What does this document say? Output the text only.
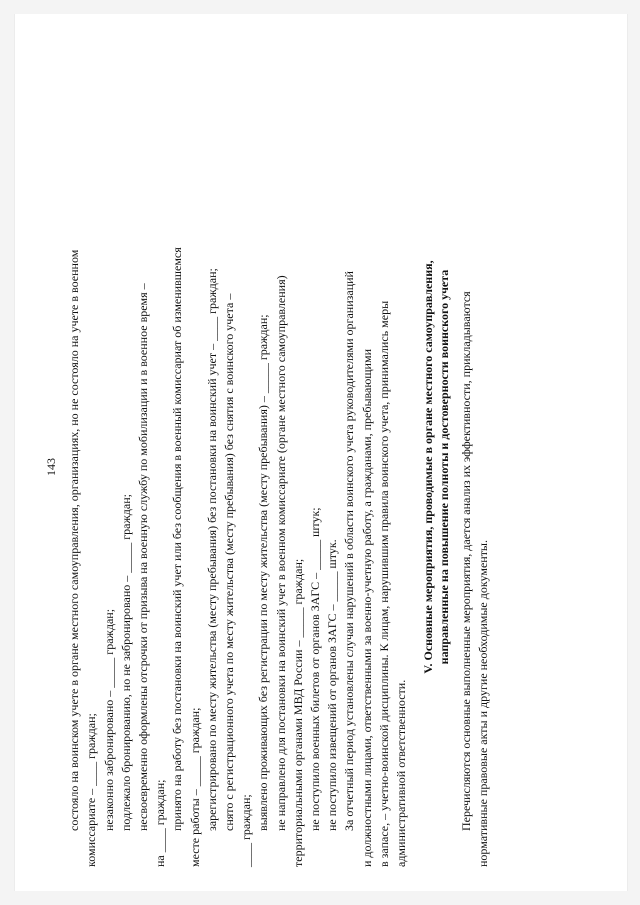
143 состояло на воинском учете в органе местного самоуправления, организациях, но не состояло на учете в военном комиссариате – ____ граждан; незаконно забронировано – _____ граждан; подлежало бронированию, но не забронировано – _____ граждан; несвоевременно оформлены отсрочки от призыва на военную службу по мобилизации и в военное время – на ____ граждан; принято на работу без постановки на воинский учет или без сообщения в военный комиссариат об изменившемся месте работы – _____ граждан; зарегистрировано по месту жительства (месту пребывания) без постановки на воинский учет – ____ граждан; снято с регистрационного учета по месту жительства (месту пребывания) без снятия с воинского учета – ____ граждан; выявлено проживающих без регистрации по месту жительства (месту пребывания) – _____ граждан; не направлено для постановки на воинский учет в военном комиссариате (органе местного самоуправления) территориальными органами МВД России – _____ граждан; не поступило военных билетов от органов ЗАГС – _____ штук; не поступило извещений от органов ЗАГС – _____ штук. За отчетный период установлены случаи нарушений в области воинского учета руководителями организаций и должностными лицами, ответственными за военно-учетную работу, а гражданами, пребывающими в запасе, – учетно-воинской дисциплины. К лицам, нарушившим правила воинского учета, принимались меры административной ответственности.
V. Основные мероприятия, проводимые в органе местного самоуправления, направленные на повышение полноты и достоверности воинского учета Перечисляются основные выполненные мероприятия, дается анализ их эффективности, прикладываются нормативные правовые акты и другие необходимые документы.
